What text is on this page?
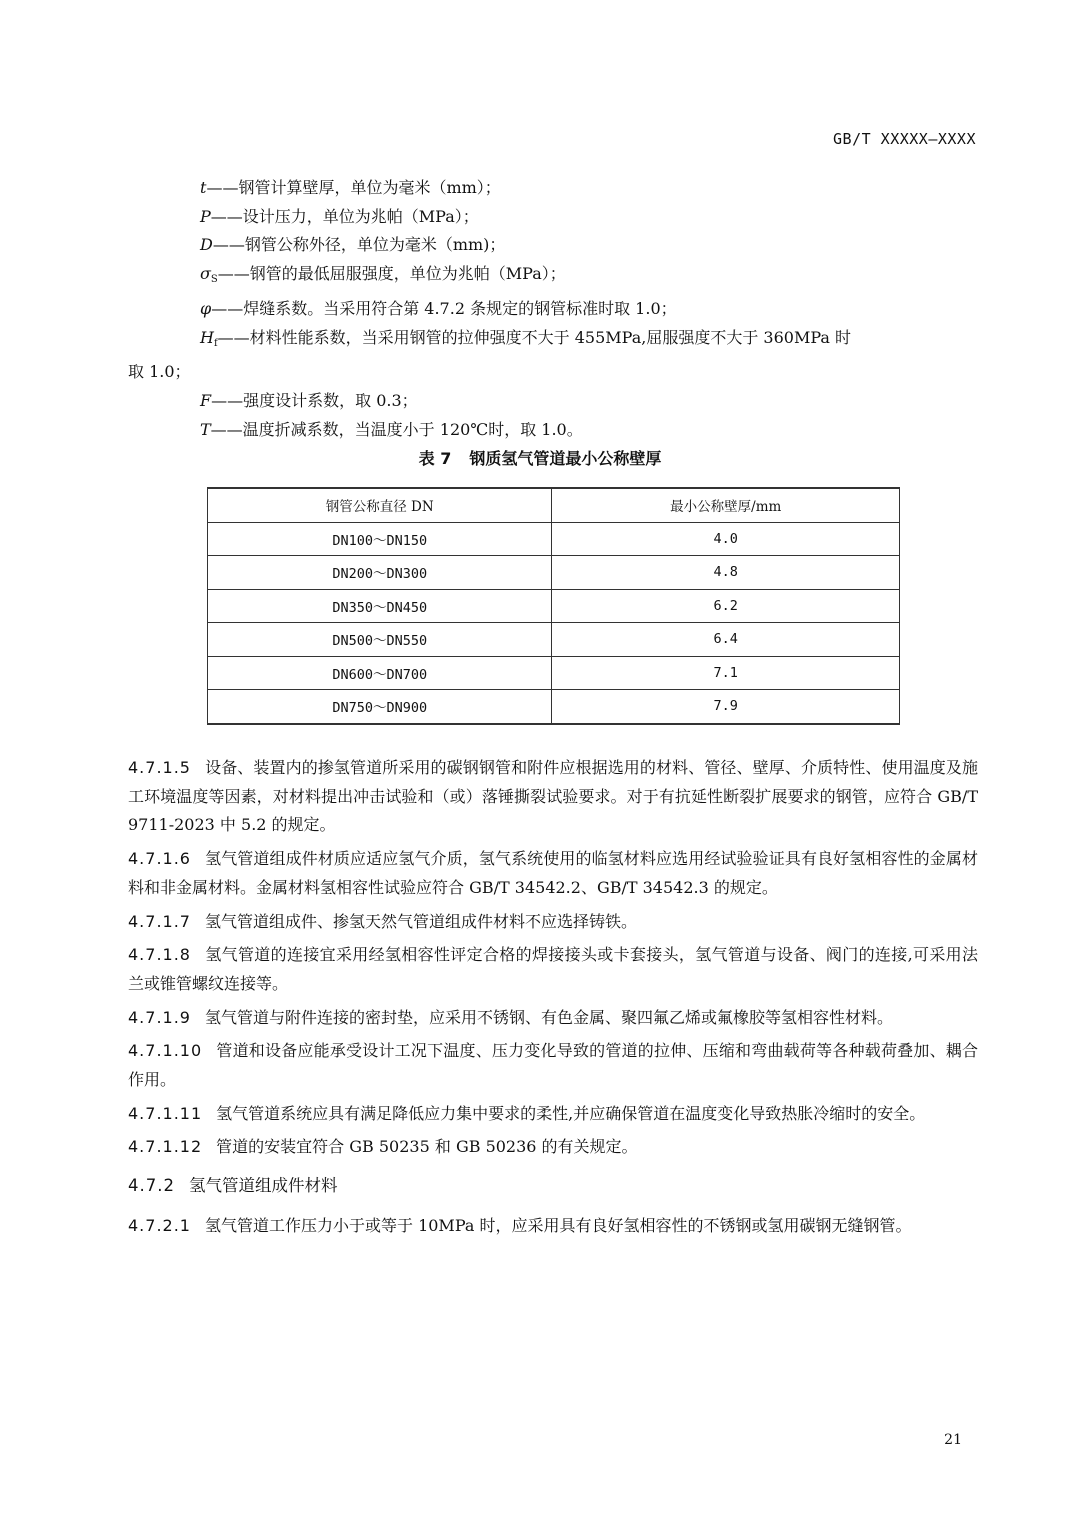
GB/T XXXXX—XXXX
t——钢管计算壁厚，单位为毫米（mm）；
P——设计压力，单位为兆帕（MPa）；
D——钢管公称外径，单位为毫米（mm)；
$\sigma_S——$钢管的最低屈服强度，单位为兆帕（MPa）；
φ——焊缝系数。当采用符合第 4.7.2 条规定的钢管标准时取 1.0；
$H_f——$材料性能系数，当采用钢管的拉伸强度不大于 455MPa,屈服强度不大于 360MPa 时
取 1.0；
F——强度设计系数，取 0.3；
T——温度折减系数，当温度小于 120℃时，取 1.0。
表 7 钢质氢气管道最小公称壁厚
钢管公称直径 DN	最小公称壁厚/mm
DN100～DN150	4.0
DN200～DN300	4.8
DN350～DN450	6.2
DN500～DN550	6.4
DN600～DN700	7.1
DN750～DN900	7.9
4.7.1.5 设备、装置内的掺氢管道所采用的碳钢钢管和附件应根据选用的材料、管径、壁厚、介质特性、使用温度及施工环境温度等因素，对材料提出冲击试验和（或）落锤撕裂试验要求。对于有抗延性断裂扩展要求的钢管，应符合 GB/T 9711-2023 中 5.2 的规定。
4.7.1.6 氢气管道组成件材质应适应氢气介质，氢气系统使用的临氢材料应选用经试验验证具有良好氢相容性的金属材料和非金属材料。金属材料氢相容性试验应符合 GB/T 34542.2、GB/T 34542.3 的规定。
4.7.1.7 氢气管道组成件、掺氢天然气管道组成件材料不应选择铸铁。
4.7.1.8 氢气管道的连接宜采用经氢相容性评定合格的焊接接头或卡套接头，氢气管道与设备、阀门的连接,可采用法兰或锥管螺纹连接等。
4.7.1.9 氢气管道与附件连接的密封垫，应采用不锈钢、有色金属、聚四氟乙烯或氟橡胶等氢相容性材料。
4.7.1.10 管道和设备应能承受设计工况下温度、压力变化导致的管道的拉伸、压缩和弯曲载荷等各种载荷叠加、耦合作用。
4.7.1.11 氢气管道系统应具有满足降低应力集中要求的柔性,并应确保管道在温度变化导致热胀冷缩时的安全。
4.7.1.12 管道的安装宜符合 GB 50235 和 GB 50236 的有关规定。
4.7.2 氢气管道组成件材料
4.7.2.1 氢气管道工作压力小于或等于 10MPa 时，应采用具有良好氢相容性的不锈钢或氢用碳钢无缝钢管。
21
